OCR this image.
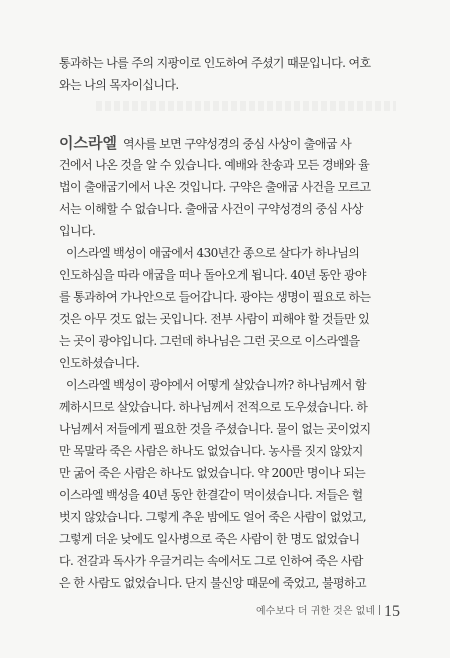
통과하는 나를 주의 지팡이로 인도하여 주셨기 때문입니다. 여호
와는 나의 목자이십니다.
이스라엘 역사를 보면 구약성경의 중심 사상이 출애굽 사
건에서 나온 것을 알 수 있습니다. 예배와 찬송과 모든 경배와 율
법이 출애굽기에서 나온 것입니다. 구약은 출애굽 사건을 모르고
서는 이해할 수 없습니다. 출애굽 사건이 구약성경의 중심 사상
입니다.
이스라엘 백성이 애굽에서 430년간 종으로 살다가 하나님의
인도하심을 따라 애굽을 떠나 돌아오게 됩니다. 40년 동안 광야
를 통과하여 가나안으로 들어갑니다. 광야는 생명이 필요로 하는
것은 아무 것도 없는 곳입니다. 전부 사람이 피해야 할 것들만 있
는 곳이 광야입니다. 그런데 하나님은 그런 곳으로 이스라엘을
인도하셨습니다.
이스라엘 백성이 광야에서 어떻게 살았습니까? 하나님께서 함
께하시므로 살았습니다. 하나님께서 전적으로 도우셨습니다. 하
나님께서 저들에게 필요한 것을 주셨습니다. 물이 없는 곳이었지
만 목말라 죽은 사람은 하나도 없었습니다. 농사를 짓지 않았지
만 굶어 죽은 사람은 하나도 없었습니다. 약 200만 명이나 되는
이스라엘 백성을 40년 동안 한결같이 먹이셨습니다. 저들은 헐
벗지 않았습니다. 그렇게 추운 밤에도 얼어 죽은 사람이 없었고,
그렇게 더운 낮에도 일사병으로 죽은 사람이 한 명도 없었습니
다. 전갈과 독사가 우글거리는 속에서도 그로 인하여 죽은 사람
은 한 사람도 없었습니다. 단지 불신앙 때문에 죽었고, 불평하고
예수보다 더 귀한 것은 없네 15
